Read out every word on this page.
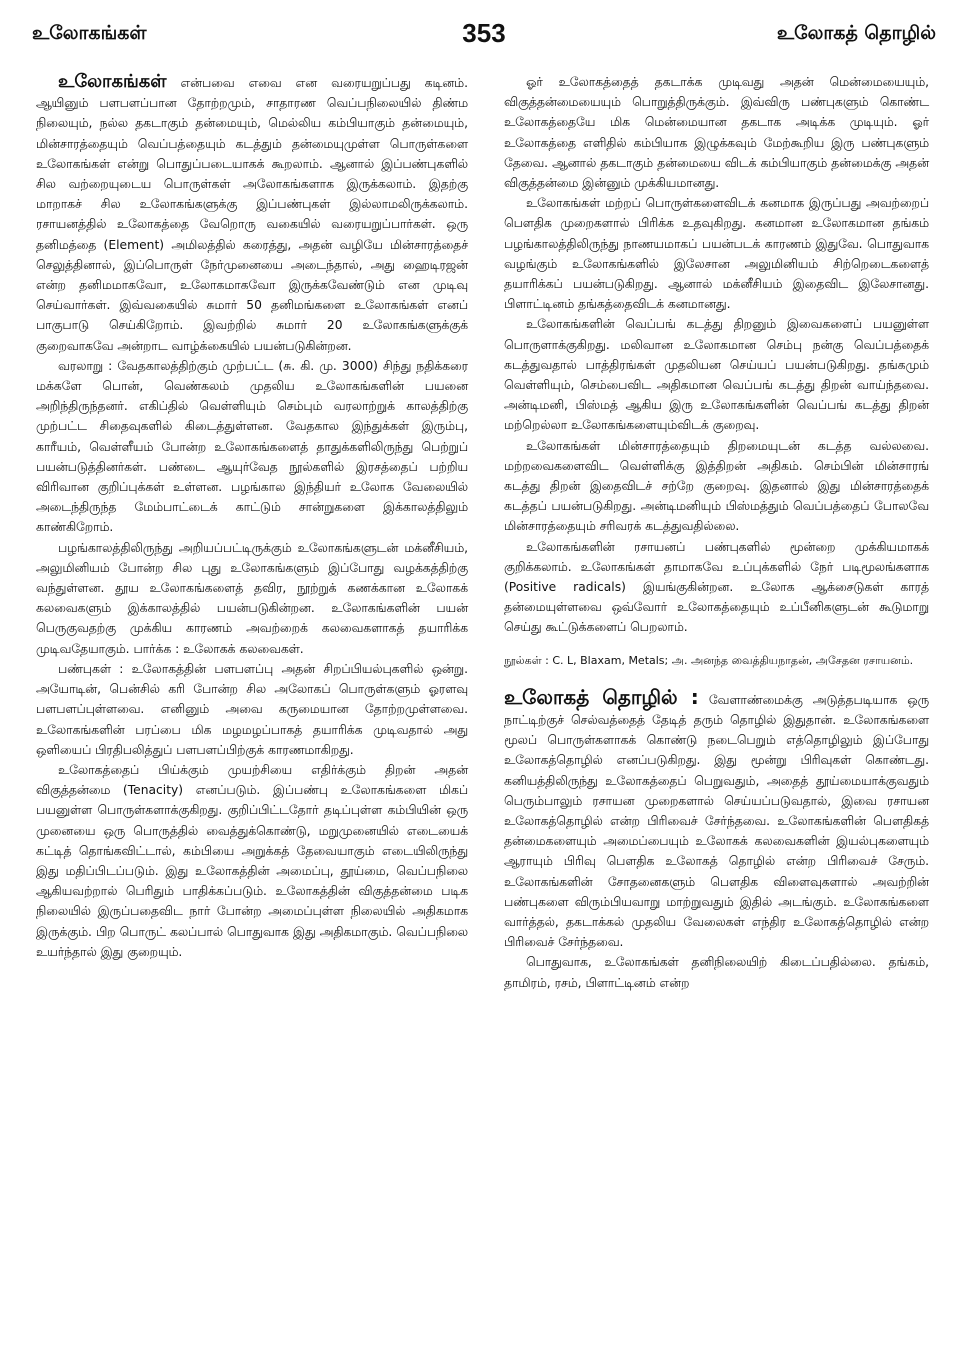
உலோகங்கள்	353	உலோகத் தொழில்

உலோகங்கள் என்பவை எவை என வரையறுப்பது கடினம். ஆயினும் பளபளப்பான தோற்றமும், சாதாரண வெப்பநிலையில் திண்ம நிலையும், நல்ல தகடாகும் தன்மையும், மெல்லிய கம்பியாகும் தன்மையும், மின்சாரத்தையும் வெப்பத்தையும் கடத்தும் தன்மையுமுள்ள பொருள்களை உலோகங்கள் என்று பொதுப்படையாகக் கூறலாம். ஆனால் இப்பண்புகளில் சில வற்றையுடைய பொருள்கள் அலோகங்களாக இருக்கலாம். இதற்கு மாறாகச் சில உலோகங்களுக்கு இப்பண்புகள் இல்லாமலிருக்கலாம். ரசாயனத்தில் உலோகத்தை வேறொரு வகையில் வரையறுப்பார்கள். ஒரு தனிமத்தை (Element) அமிலத்தில் கரைத்து, அதன் வழியே மின்சாரத்தைச் செலுத்தினால், இப்பொருள் நேர்முனையை அடைந்தால், அது ஹைடிரஜன் என்ற தனிமமாகவோ, உலோகமாகவோ இருக்கவேண்டும் என முடிவு செய்வார்கள். இவ்வகையில் சுமார் 50 தனிமங்களை உலோகங்கள் எனப் பாகுபாடு செய்கிறோம். இவற்றில் சுமார் 20 உலோகங்களுக்குக் குறைவாகவே அன்றாட வாழ்க்கையில் பயன்படுகின்றன.

வரலாறு : வேதகாலத்திற்கும் முற்பட்ட (சு. கி. மு. 3000) சிந்து நதிக்கரை மக்களே பொன், வெண்கலம் முதலிய உலோகங்களின் பயனை அறிந்திருந்தனர். எகிப்தில் வெள்ளியும் செம்பும் வரலாற்றுக் காலத்திற்கு முற்பட்ட சிதைவுகளில் கிடைத்துள்ளன. வேதகால இந்துக்கள் இரும்பு, காரீயம், வெள்ளீயம் போன்ற உலோகங்களைத் தாதுக்களிலிருந்து பெற்றுப் பயன்படுத்தினர்கள். பண்டை ஆயுர்வேத நூல்களில் இரசத்தைப் பற்றிய விரிவான குறிப்புக்கள் உள்ளன. பழங்கால இந்தியர் உலோக வேலையில் அடைந்திருந்த மேம்பாட்டைக் காட்டும் சான்றுகளை இக்காலத்திலும் காண்கிறோம்.

பழங்காலத்திலிருந்து அறியப்பட்டிருக்கும் உலோகங்களுடன் மக்னீசியம், அலுமினியம் போன்ற சில புது உலோகங்களும் இப்போது வழக்கத்திற்கு வந்துள்ளன. தூய உலோகங்களைத் தவிர, நூற்றுக் கணக்கான உலோகக் கலவைகளும் இக்காலத்தில் பயன்படுகின்றன. உலோகங்களின் பயன் பெருகுவதற்கு முக்கிய காரணம் அவற்றைக் கலவைகளாகத் தயாரிக்க முடிவதேயாகும். பார்க்க : உலோகக் கலவைகள்.

பண்புகள் : உலோகத்தின் பளபளப்பு அதன் சிறப்பியல்புகளில் ஒன்று. அயோடின், பென்சில் கரி போன்ற சில அலோகப் பொருள்களும் ஓரளவு பளபளப்புள்ளவை. எனினும் அவை கருமையான தோற்றமுள்ளவை. உலோகங்களின் பரப்பை மிக மழமழப்பாகத் தயாரிக்க முடிவதால் அது ஒளியைப் பிரதிபலித்துப் பளபளப்பிற்குக் காரணமாகிறது.

உலோகத்தைப் பிய்க்கும் முயற்சியை எதிர்க்கும் திறன் அதன் விகுத்தன்மை (Tenacity) எனப்படும். இப்பண்பு உலோகங்களை மிகப் பயனுள்ள பொருள்களாக்குகிறது. குறிப்பிட்டதோர் தடிப்புள்ள கம்பியின் ஒரு முனையை ஒரு பொருத்தில் வைத்துக்கொண்டு, மறுமுனையில் எடையைக் கட்டித் தொங்கவிட்டால், கம்பியை அறுக்கத் தேவையாகும் எடையிலிருந்து இது மதிப்பிடப்படும். இது உலோகத்தின் அமைப்பு, தூய்மை, வெப்பநிலை ஆகியவற்றால் பெரிதும் பாதிக்கப்படும். உலோகத்தின் விகுத்தன்மை படிக நிலையில் இருப்பதைவிட நார் போன்ற அமைப்புள்ள நிலையில் அதிகமாக இருக்கும். பிற பொருட் கலப்பால் பொதுவாக இது அதிகமாகும். வெப்பநிலை உயர்ந்தால் இது குறையும்.

ஓர் உலோகத்தைத் தகடாக்க முடிவது அதன் மென்மையையும், விகுத்தன்மையையும் பொறுத்திருக்கும். இவ்விரு பண்புகளும் கொண்ட உலோகத்தையே மிக மென்மையான தகடாக அடிக்க முடியும். ஓர் உலோகத்தை எளிதில் கம்பியாக இழுக்கவும் மேற்கூறிய இரு பண்புகளும் தேவை. ஆனால் தகடாகும் தன்மையை விடக் கம்பியாகும் தன்மைக்கு அதன் விகுத்தன்மை இன்னும் முக்கியமானது.

உலோகங்கள் மற்றப் பொருள்களைவிடக் கனமாக இருப்பது அவற்றைப் பௌதிக முறைகளால் பிரிக்க உதவுகிறது. கனமான உலோகமான தங்கம் பழங்காலத்திலிருந்து நாணயமாகப் பயன்படக் காரணம் இதுவே. பொதுவாக வழங்கும் உலோகங்களில் இலேசான அலுமினியம் சிற்றெடைகளைத் தயாரிக்கப் பயன்படுகிறது. ஆனால் மக்னீசியம் இதைவிட இலேசானது. பிளாட்டினம் தங்கத்தைவிடக் கனமானது.

உலோகங்களின் வெப்பங் கடத்து திறனும் இவைகளைப் பயனுள்ள பொருளாக்குகிறது. மலிவான உலோகமான செம்பு நன்கு வெப்பத்தைக் கடத்துவதால் பாத்திரங்கள் முதலியன செய்யப் பயன்படுகிறது. தங்கமும் வெள்ளியும், செம்பைவிட அதிகமான வெப்பங் கடத்து திறன் வாய்ந்தவை. அன்டிமனி, பிஸ்மத் ஆகிய இரு உலோகங்களின் வெப்பங் கடத்து திறன் மற்றெல்லா உலோகங்களையும்விடக் குறைவு.

உலோகங்கள் மின்சாரத்தையும் திறமையுடன் கடத்த வல்லவை. மற்றவைகளைவிட வெள்ளிக்கு இத்திறன் அதிகம். செம்பின் மின்சாரங் கடத்து திறன் இதைவிடச் சற்றே குறைவு. இதனால் இது மின்சாரத்தைக் கடத்தப் பயன்படுகிறது. அன்டிமனியும் பிஸ்மத்தும் வெப்பத்தைப் போலவே மின்சாரத்தையும் சரிவரக் கடத்துவதில்லை.

உலோகங்களின் ரசாயனப் பண்புகளில் மூன்றை முக்கியமாகக் குறிக்கலாம். உலோகங்கள் தாமாகவே உப்புக்களில் நேர் படிமூலங்களாக (Positive radicals) இயங்குகின்றன. உலோக ஆக்சைடுகள் காரத் தன்மையுள்ளவை ஒவ்வோர் உலோகத்தையும் உப்பீனிகளுடன் கூடுமாறு செய்து கூட்டுக்களைப் பெறலாம்.

நூல்கள் : C. L, Blaxam, Metals; அ. அனந்த வைத்தியநாதன், அசேதன ரசாயனம்.

உலோகத் தொழில் : வேளாண்மைக்கு அடுத்தபடியாக ஒரு நாட்டிற்குச் செல்வத்தைத் தேடித் தரும் தொழில் இதுதான். உலோகங்களை மூலப் பொருள்களாகக் கொண்டு நடைபெறும் எத்தொழிலும் இப்போது உலோகத்தொழில் எனப்படுகிறது. இது மூன்று பிரிவுகள் கொண்டது. கனியத்திலிருந்து உலோகத்தைப் பெறுவதும், அதைத் தூய்மையாக்குவதும் பெரும்பாலும் ரசாயன முறைகளால் செய்யப்படுவதால், இவை ரசாயன உலோகத்தொழில் என்ற பிரிவைச் சேர்ந்தவை. உலோகங்களின் பௌதிகத் தன்மைகளையும் அமைப்பையும் உலோகக் கலவைகளின் இயல்புகளையும் ஆராயும் பிரிவு பௌதிக உலோகத் தொழில் என்ற பிரிவைச் சேரும். உலோகங்களின் சோதனைகளும் பௌதிக விளைவுகளால் அவற்றின் பண்புகளை விரும்பியவாறு மாற்றுவதும் இதில் அடங்கும். உலோகங்களை வார்த்தல், தகடாக்கல் முதலிய வேலைகள் எந்திர உலோகத்தொழில் என்ற பிரிவைச் சேர்ந்தவை.

பொதுவாக, உலோகங்கள் தனிநிலையிற் கிடைப்பதில்லை. தங்கம், தாமிரம், ரசம், பிளாட்டினம் என்ற
